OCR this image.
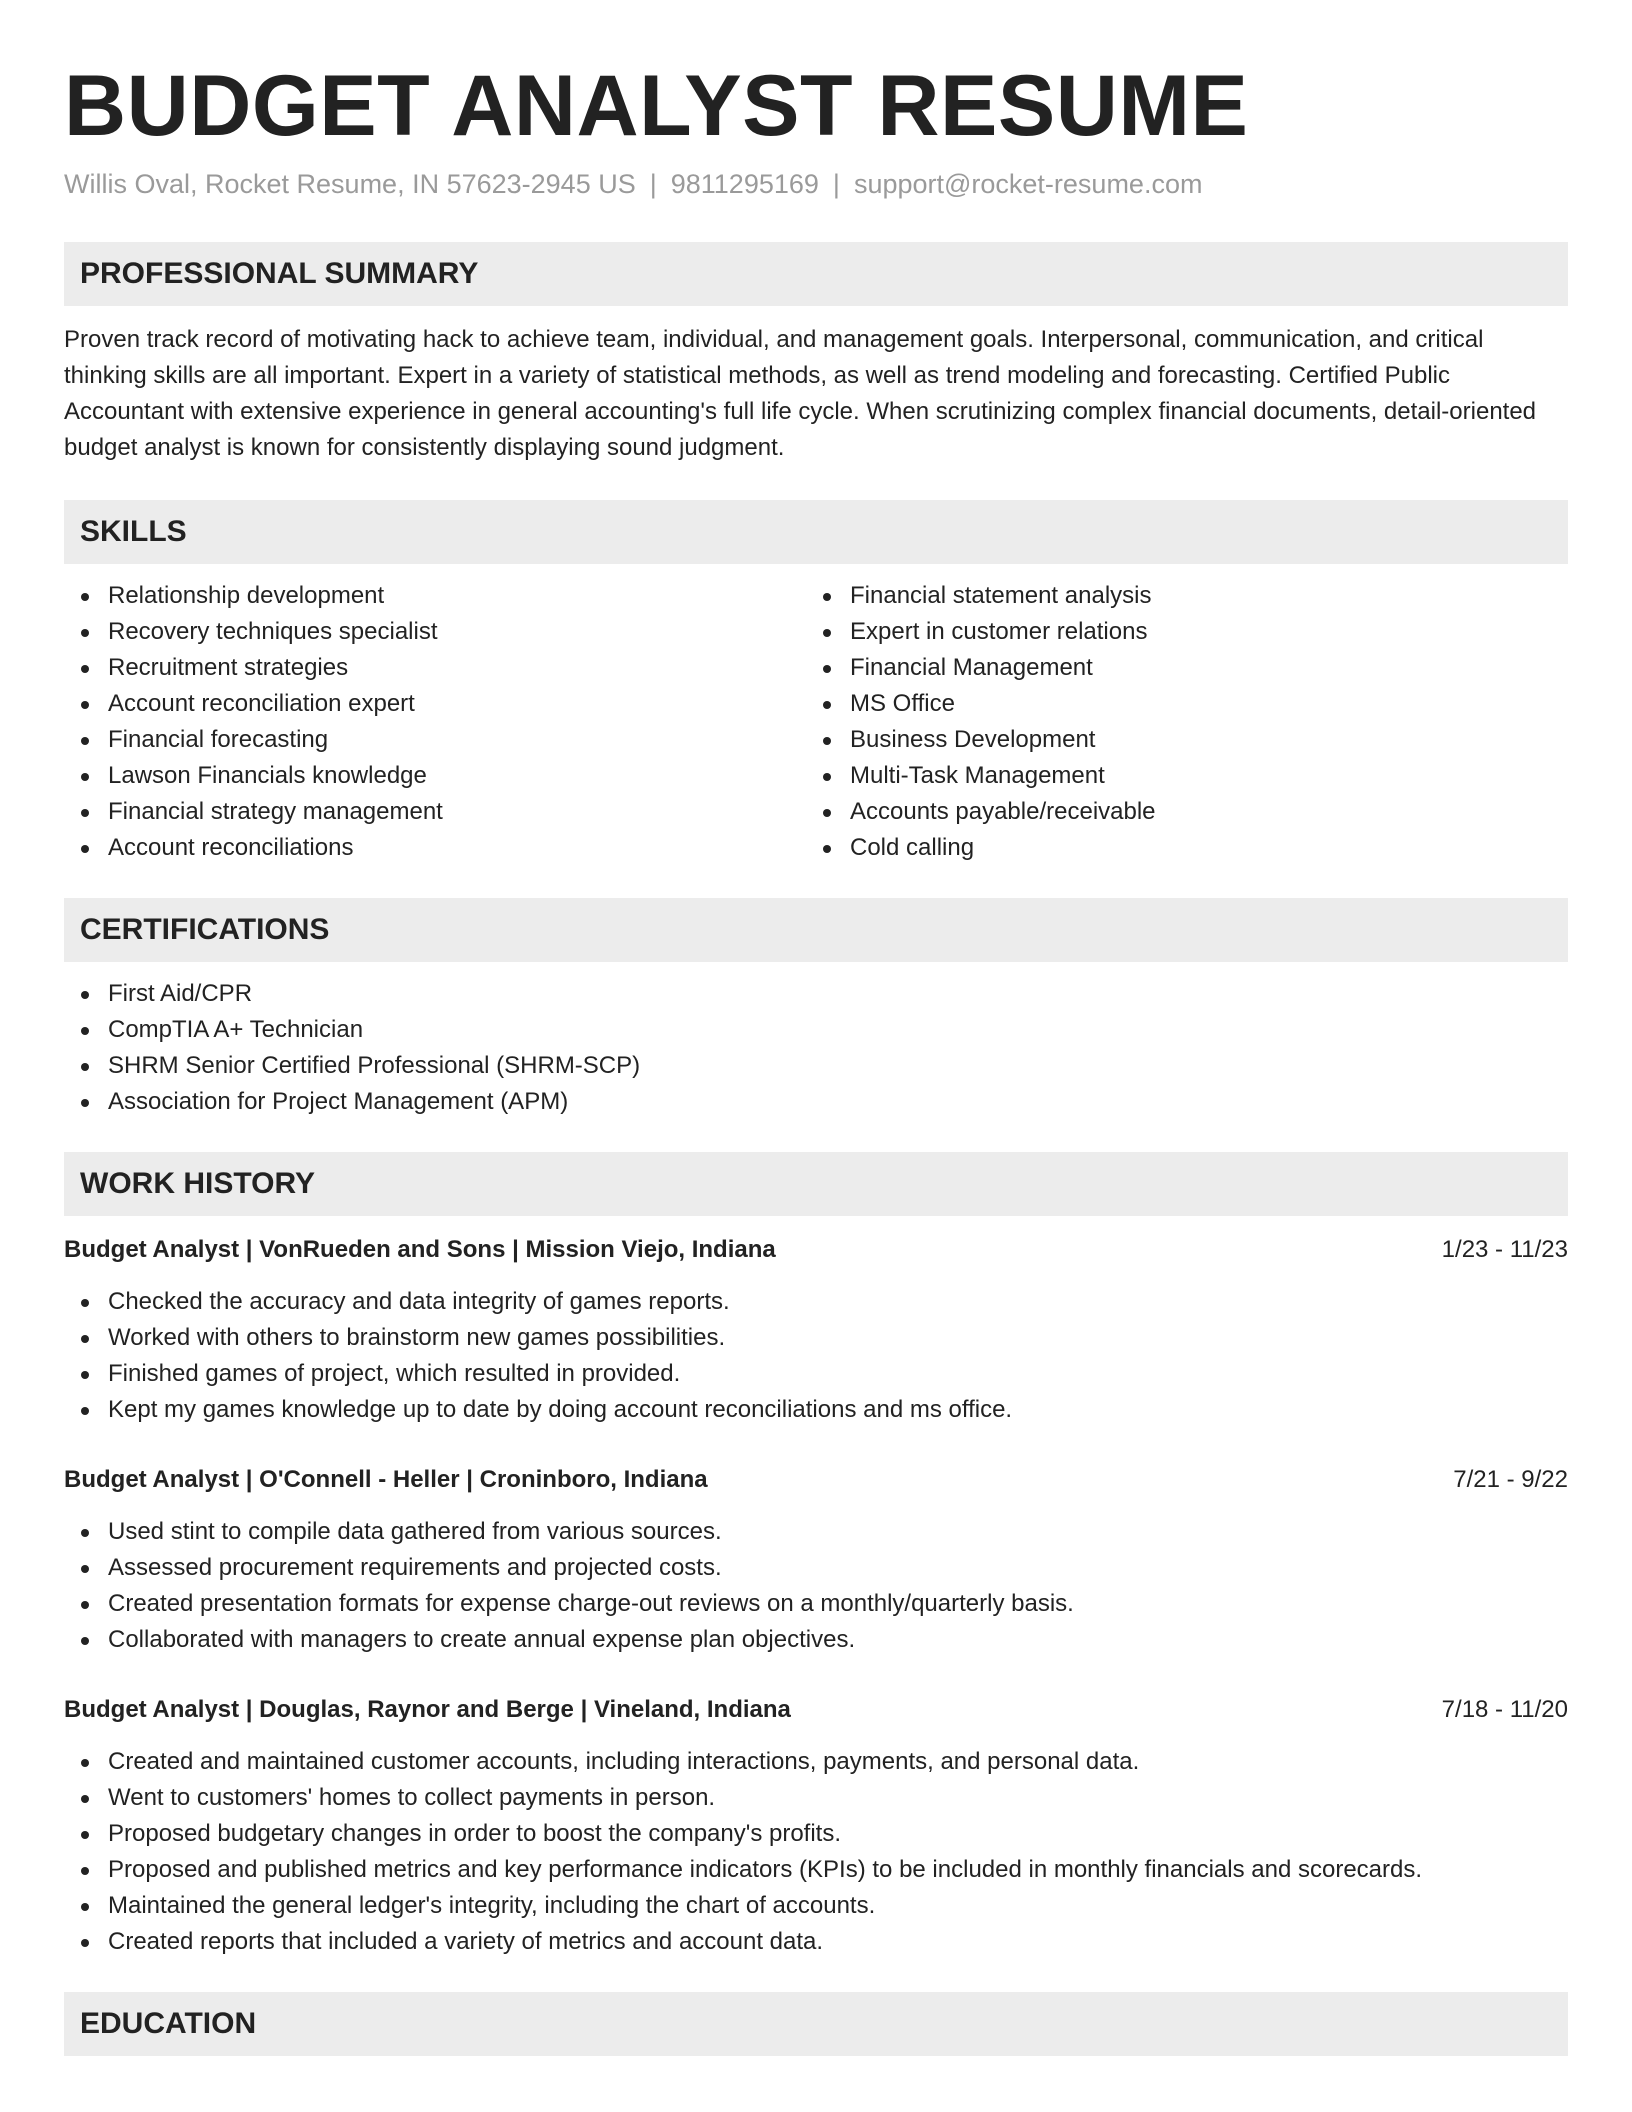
BUDGET ANALYST RESUME
Willis Oval, Rocket Resume, IN 57623-2945 US | 9811295169 | support@rocket-resume.com
PROFESSIONAL SUMMARY

Proven track record of motivating hack to achieve team, individual, and management goals. Interpersonal, communication, and critical thinking skills are all important. Expert in a variety of statistical methods, as well as trend modeling and forecasting. Certified Public Accountant with extensive experience in general accounting's full life cycle. When scrutinizing complex financial documents, detail-oriented budget analyst is known for consistently displaying sound judgment.

SKILLS
Relationship development
Recovery techniques specialist
Recruitment strategies
Account reconciliation expert
Financial forecasting
Lawson Financials knowledge
Financial strategy management
Account reconciliations
Financial statement analysis
Expert in customer relations
Financial Management
MS Office
Business Development
Multi-Task Management
Accounts payable/receivable
Cold calling
CERTIFICATIONS
First Aid/CPR
CompTIA A+ Technician
SHRM Senior Certified Professional (SHRM-SCP)
Association for Project Management (APM)
WORK HISTORY
Budget Analyst | VonRueden and Sons | Mission Viejo, Indiana	1/23 - 11/23
Checked the accuracy and data integrity of games reports.
Worked with others to brainstorm new games possibilities.
Finished games of project, which resulted in provided.
Kept my games knowledge up to date by doing account reconciliations and ms office.
Budget Analyst | O'Connell - Heller | Croninboro, Indiana	7/21 - 9/22
Used stint to compile data gathered from various sources.
Assessed procurement requirements and projected costs.
Created presentation formats for expense charge-out reviews on a monthly/quarterly basis.
Collaborated with managers to create annual expense plan objectives.
Budget Analyst | Douglas, Raynor and Berge | Vineland, Indiana	7/18 - 11/20
Created and maintained customer accounts, including interactions, payments, and personal data.
Went to customers' homes to collect payments in person.
Proposed budgetary changes in order to boost the company's profits.
Proposed and published metrics and key performance indicators (KPIs) to be included in monthly financials and scorecards.
Maintained the general ledger's integrity, including the chart of accounts.
Created reports that included a variety of metrics and account data.
EDUCATION
